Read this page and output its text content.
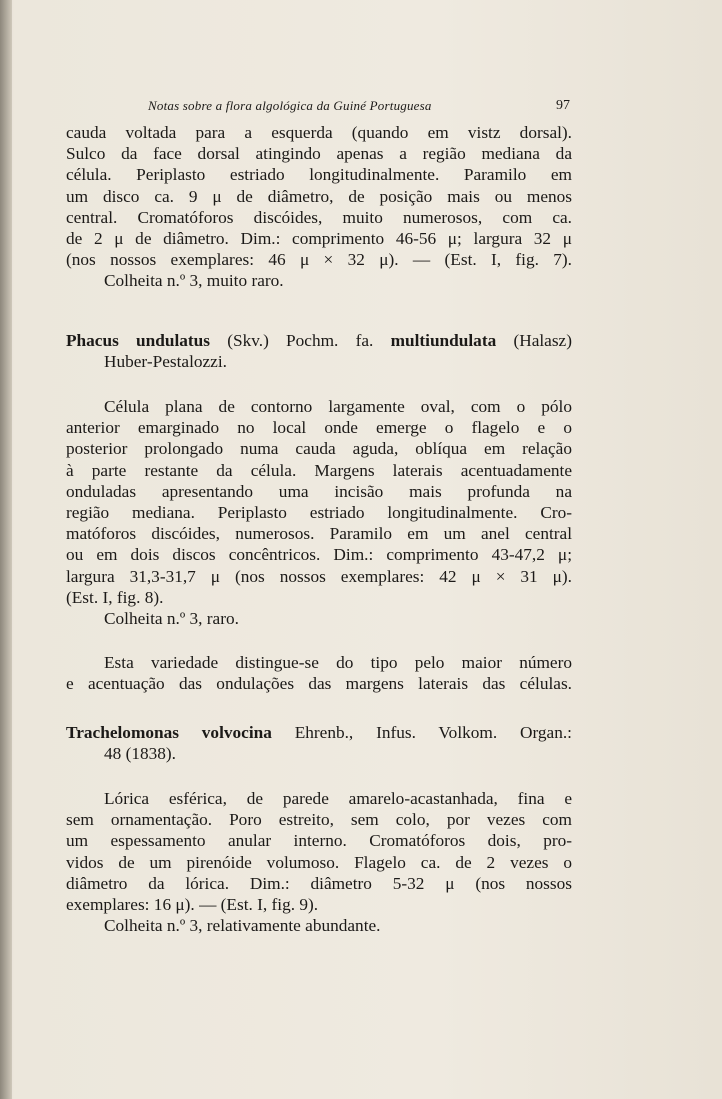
Notas sobre a flora algológica da Guiné Portuguesa	97
cauda voltada para a esquerda (quando em vistz dorsal).
Sulco da face dorsal atingindo apenas a região mediana da
célula. Periplasto estriado longitudinalmente. Paramilo em
um disco ca. 9 μ de diâmetro, de posição mais ou menos
central. Cromatóforos discóides, muito numerosos, com ca.
de 2 μ de diâmetro. Dim.: comprimento 46-56 μ; largura 32 μ
(nos nossos exemplares: 46 μ × 32 μ). — (Est. I, fig. 7).
Colheita n.º 3, muito raro.
Phacus undulatus (Skv.) Pochm. fa. multiundulata (Halasz)
Huber-Pestalozzi.
Célula plana de contorno largamente oval, com o pólo
anterior emarginado no local onde emerge o flagelo e o
posterior prolongado numa cauda aguda, oblíqua em relação
à parte restante da célula. Margens laterais acentuadamente
onduladas apresentando uma incisão mais profunda na
região mediana. Periplasto estriado longitudinalmente. Cro-
matóforos discóides, numerosos. Paramilo em um anel central
ou em dois discos concêntricos. Dim.: comprimento 43-47,2 μ;
largura 31,3-31,7 μ (nos nossos exemplares: 42 μ × 31 μ).
(Est. I, fig. 8).
Colheita n.º 3, raro.
Esta variedade distingue-se do tipo pelo maior número
e acentuação das ondulações das margens laterais das células.
Trachelomonas volvocina Ehrenb., Infus. Volkom. Organ.:
48 (1838).
Lórica esférica, de parede amarelo-acastanhada, fina e
sem ornamentação. Poro estreito, sem colo, por vezes com
um espessamento anular interno. Cromatóforos dois, pro-
vidos de um pirenóide volumoso. Flagelo ca. de 2 vezes o
diâmetro da lórica. Dim.: diâmetro 5-32 μ (nos nossos
exemplares: 16 μ). — (Est. I, fig. 9).
Colheita n.º 3, relativamente abundante.
